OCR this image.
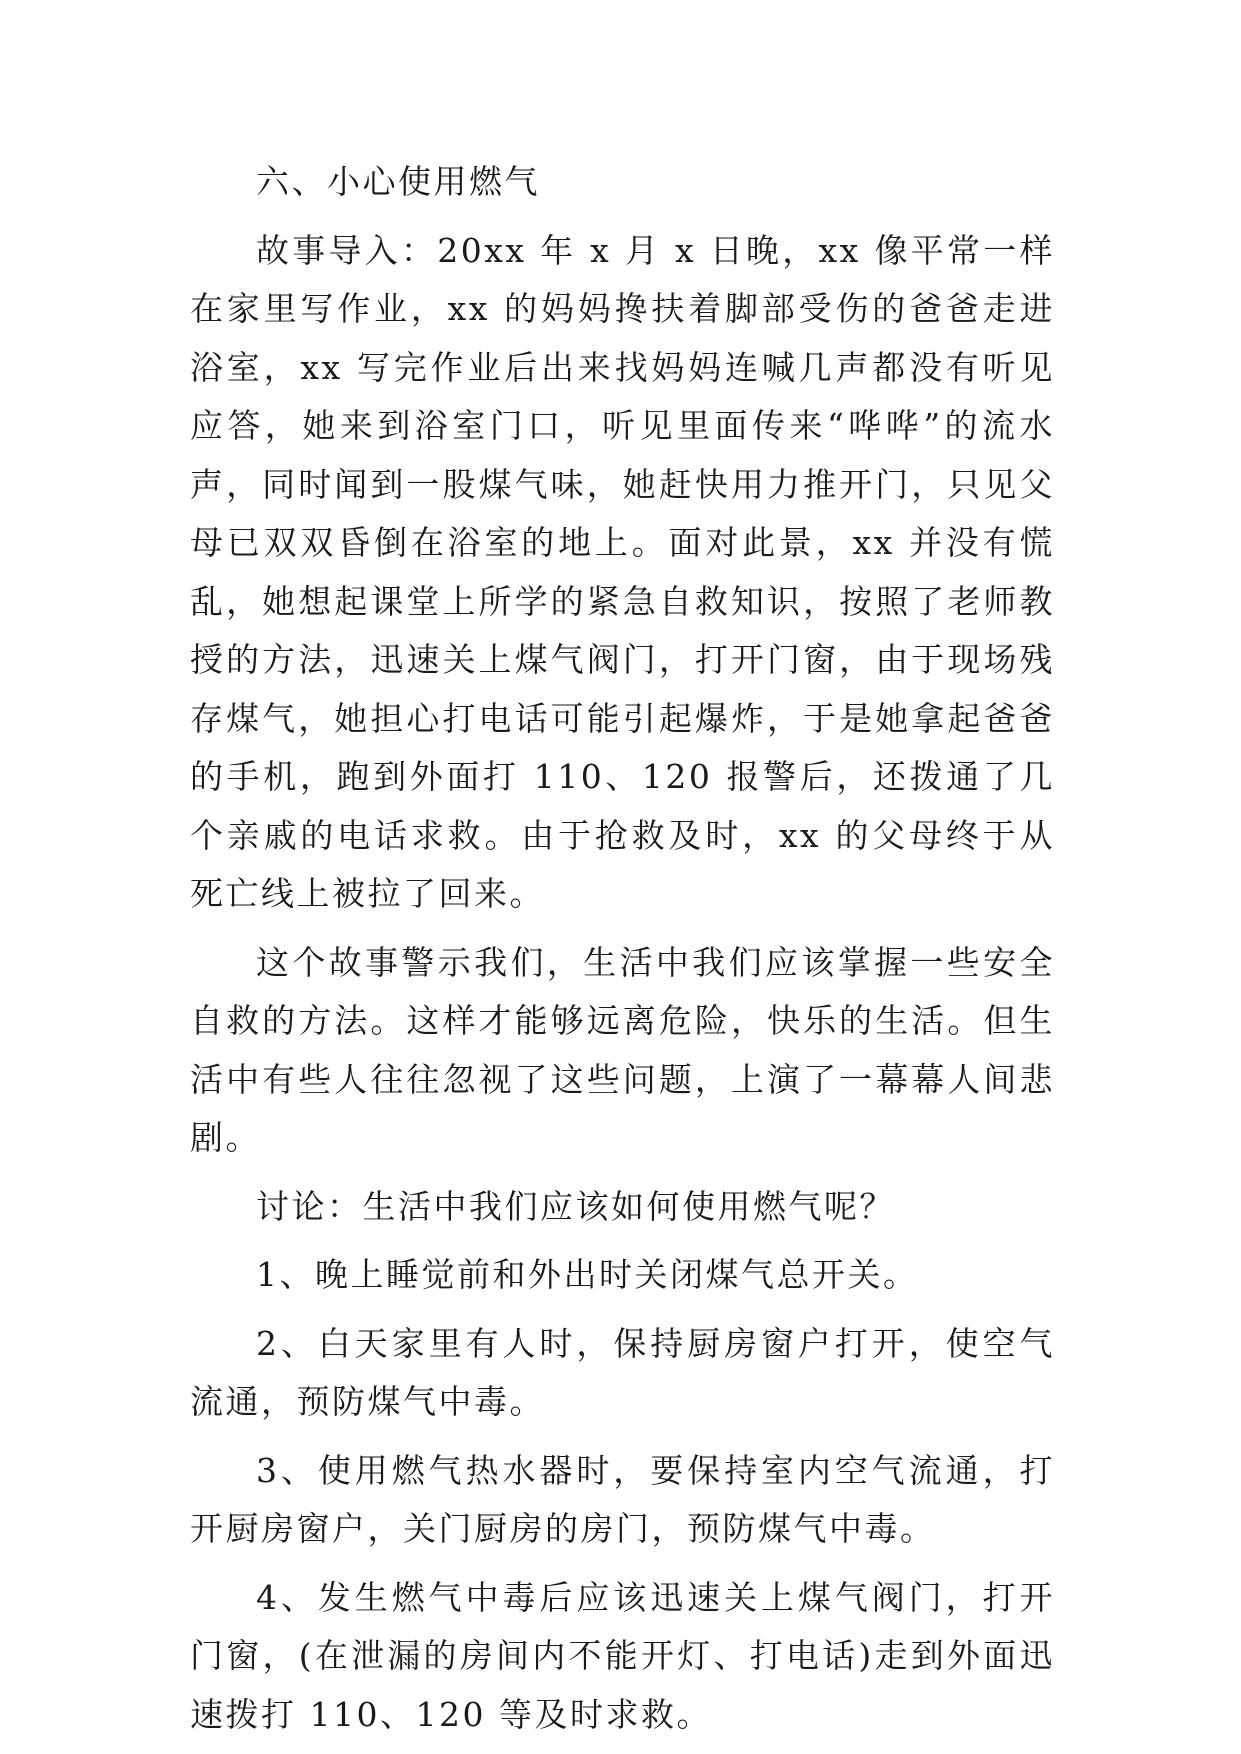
六、小心使用燃气

故事导入：20xx 年 x 月 x 日晚，xx 像平常一样在家里写作业，xx 的妈妈搀扶着脚部受伤的爸爸走进浴室，xx 写完作业后出来找妈妈连喊几声都没有听见应答，她来到浴室门口，听见里面传来“哗哗”的流水声，同时闻到一股煤气味，她赶快用力推开门，只见父母已双双昏倒在浴室的地上。面对此景，xx 并没有慌乱，她想起课堂上所学的紧急自救知识，按照了老师教授的方法，迅速关上煤气阀门，打开门窗，由于现场残存煤气，她担心打电话可能引起爆炸，于是她拿起爸爸的手机，跑到外面打 110、120 报警后，还拨通了几个亲戚的电话求救。由于抢救及时，xx 的父母终于从死亡线上被拉了回来。

这个故事警示我们，生活中我们应该掌握一些安全自救的方法。这样才能够远离危险，快乐的生活。但生活中有些人往往忽视了这些问题，上演了一幕幕人间悲剧。

讨论：生活中我们应该如何使用燃气呢？

1、晚上睡觉前和外出时关闭煤气总开关。

2、白天家里有人时，保持厨房窗户打开，使空气流通，预防煤气中毒。

3、使用燃气热水器时，要保持室内空气流通，打开厨房窗户，关门厨房的房门，预防煤气中毒。

4、发生燃气中毒后应该迅速关上煤气阀门，打开门窗，(在泄漏的房间内不能开灯、打电话)走到外面迅速拨打 110、120 等及时求救。
